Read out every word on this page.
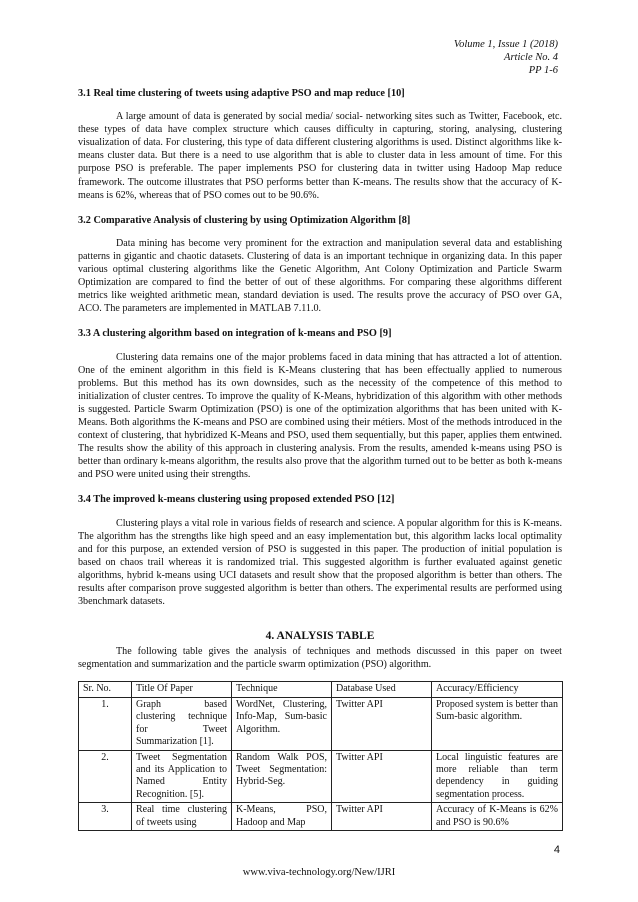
Volume 1, Issue 1 (2018)
Article No. 4
PP 1-6
3.1 Real time clustering of tweets using adaptive PSO and map reduce [10]

A large amount of data is generated by social media/ social- networking sites such as Twitter, Facebook, etc. these types of data have complex structure which causes difficulty in capturing, storing, analysing, clustering visualization of data. For clustering, this type of data different clustering algorithms is used. Distinct algorithms like k-means cluster data. But there is a need to use algorithm that is able to cluster data in less amount of time. For this purpose PSO is preferable. The paper implements PSO for clustering data in twitter using Hadoop Map reduce framework. The outcome illustrates that PSO performs better than K-means. The results show that the accuracy of K-means is 62%, whereas that of PSO comes out to be 90.6%.

3.2 Comparative Analysis of clustering by using Optimization Algorithm [8]

Data mining has become very prominent for the extraction and manipulation several data and establishing patterns in gigantic and chaotic datasets. Clustering of data is an important technique in organizing data. In this paper various optimal clustering algorithms like the Genetic Algorithm, Ant Colony Optimization and Particle Swarm Optimization are compared to find the better of out of these algorithms. For comparing these algorithms different metrics like weighted arithmetic mean, standard deviation is used. The results prove the accuracy of PSO over GA, ACO. The parameters are implemented in MATLAB 7.11.0.

3.3 A clustering algorithm based on integration of k-means and PSO [9]

Clustering data remains one of the major problems faced in data mining that has attracted a lot of attention. One of the eminent algorithm in this field is K-Means clustering that has been effectually applied to numerous problems. But this method has its own downsides, such as the necessity of the competence of this method to initialization of cluster centres. To improve the quality of K-Means, hybridization of this algorithm with other methods is suggested. Particle Swarm Optimization (PSO) is one of the optimization algorithms that has been united with K-Means. Both algorithms the K-means and PSO are combined using their métiers. Most of the methods introduced in the context of clustering, that hybridized K-Means and PSO, used them sequentially, but this paper, applies them entwined. The results show the ability of this approach in clustering analysis. From the results, amended k-means using PSO is better than ordinary k-means algorithm, the results also prove that the algorithm turned out to be better as both k-means and PSO were united using their strengths.

3.4 The improved k-means clustering using proposed extended PSO [12]

Clustering plays a vital role in various fields of research and science. A popular algorithm for this is K-means. The algorithm has the strengths like high speed and an easy implementation but, this algorithm lacks local optimality and for this purpose, an extended version of PSO is suggested in this paper. The production of initial population is based on chaos trail whereas it is randomized trial. This suggested algorithm is further evaluated against genetic algorithms, hybrid k-means using UCI datasets and result show that the proposed algorithm is better than others. The results after comparison prove suggested algorithm is better than others. The experimental results are performed using 3benchmark datasets.

4. ANALYSIS TABLE

The following table gives the analysis of techniques and methods discussed in this paper on tweet segmentation and summarization and the particle swarm optimization (PSO) algorithm.

Sr. No.	Title Of Paper	Technique	Database Used	Accuracy/Efficiency
1.	Graph based clustering technique for Tweet Summarization [1].	WordNet, Clustering, Info-Map, Sum-basic Algorithm.	Twitter API	Proposed system is better than Sum-basic algorithm.
2.	Tweet Segmentation and its Application to Named Entity Recognition. [5].	Random Walk POS, Tweet Segmentation: Hybrid-Seg.	Twitter API	Local linguistic features are more reliable than term dependency in guiding segmentation process.
3.	Real time clustering of tweets using	K-Means, PSO, Hadoop and Map	Twitter API	Accuracy of K-Means is 62% and PSO is 90.6%
4
www.viva-technology.org/New/IJRI
